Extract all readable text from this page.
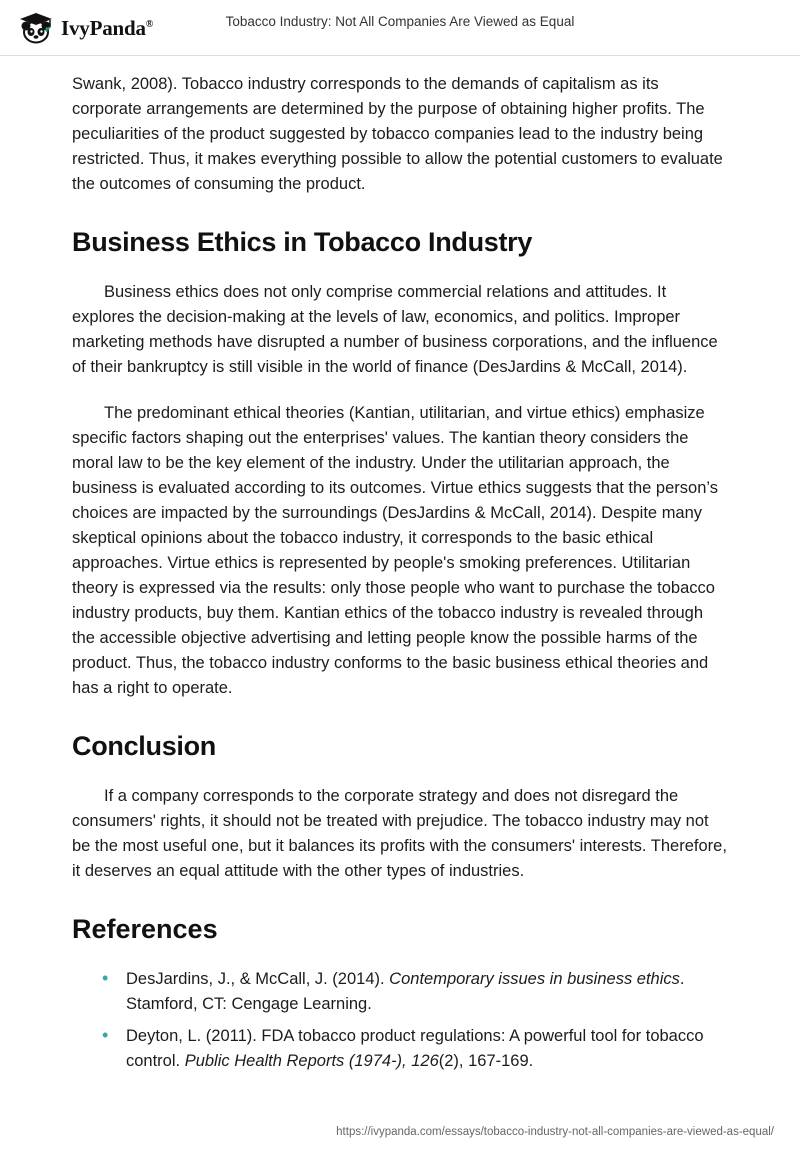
IvyPanda®	Tobacco Industry: Not All Companies Are Viewed as Equal

Swank, 2008). Tobacco industry corresponds to the demands of capitalism as its corporate arrangements are determined by the purpose of obtaining higher profits. The peculiarities of the product suggested by tobacco companies lead to the industry being restricted. Thus, it makes everything possible to allow the potential customers to evaluate the outcomes of consuming the product.

Business Ethics in Tobacco Industry

Business ethics does not only comprise commercial relations and attitudes. It explores the decision-making at the levels of law, economics, and politics. Improper marketing methods have disrupted a number of business corporations, and the influence of their bankruptcy is still visible in the world of finance (DesJardins & McCall, 2014).

The predominant ethical theories (Kantian, utilitarian, and virtue ethics) emphasize specific factors shaping out the enterprises' values. The kantian theory considers the moral law to be the key element of the industry. Under the utilitarian approach, the business is evaluated according to its outcomes. Virtue ethics suggests that the person’s choices are impacted by the surroundings (DesJardins & McCall, 2014). Despite many skeptical opinions about the tobacco industry, it corresponds to the basic ethical approaches. Virtue ethics is represented by people's smoking preferences. Utilitarian theory is expressed via the results: only those people who want to purchase the tobacco industry products, buy them. Kantian ethics of the tobacco industry is revealed through the accessible objective advertising and letting people know the possible harms of the product. Thus, the tobacco industry conforms to the basic business ethical theories and has a right to operate.

Conclusion

If a company corresponds to the corporate strategy and does not disregard the consumers' rights, it should not be treated with prejudice. The tobacco industry may not be the most useful one, but it balances its profits with the consumers' interests. Therefore, it deserves an equal attitude with the other types of industries.

References
• DesJardins, J., & McCall, J. (2014). Contemporary issues in business ethics. Stamford, CT: Cengage Learning.
• Deyton, L. (2011). FDA tobacco product regulations: A powerful tool for tobacco control. Public Health Reports (1974-), 126(2), 167-169.
https://ivypanda.com/essays/tobacco-industry-not-all-companies-are-viewed-as-equal/
